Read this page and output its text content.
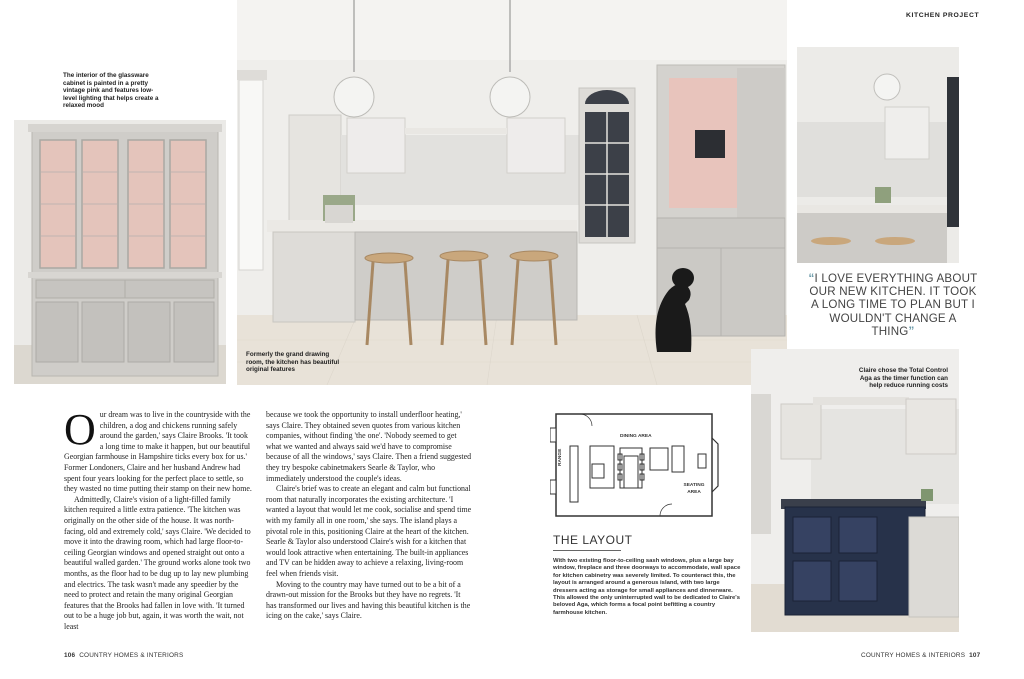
KITCHEN PROJECT
The interior of the glassware cabinet is painted in a pretty vintage pink and features low-level lighting that helps create a relaxed mood
Formerly the grand drawing room, the kitchen has beautiful original features
“I LOVE EVERYTHING ABOUT OUR NEW KITCHEN. IT TOOK A LONG TIME TO PLAN BUT I WOULDN'T CHANGE A THING”
Claire chose the Total Control Aga as the timer function can help reduce running costs
O ur dream was to live in the countryside with the children, a dog and chickens running safely around the garden,' says Claire Brooks. 'It took a long time to make it happen, but our beautiful Georgian farmhouse in Hampshire ticks every box for us.' Former Londoners, Claire and her husband Andrew had spent four years looking for the perfect place to settle, so they wasted no time putting their stamp on their new home.
Admittedly, Claire's vision of a light-filled family kitchen required a little extra patience. 'The kitchen was originally on the other side of the house. It was north-facing, old and extremely cold,' says Claire. 'We decided to move it into the drawing room, which had large floor-to-ceiling Georgian windows and opened straight out onto a beautiful walled garden.' The ground works alone took two months, as the floor had to be dug up to lay new plumbing and electrics. The task wasn't made any speedier by the need to protect and retain the many original Georgian features that the Brooks had fallen in love with. 'It turned out to be a huge job but, again, it was worth the wait, not least
because we took the opportunity to install underfloor heating,' says Claire. They obtained seven quotes from various kitchen companies, without finding 'the one'. 'Nobody seemed to get what we wanted and always said we'd have to compromise because of all the windows,' says Claire. Then a friend suggested they try bespoke cabinetmakers Searle & Taylor, who immediately understood the couple's ideas.
Claire's brief was to create an elegant and calm but functional room that naturally incorporates the existing architecture. 'I wanted a layout that would let me cook, socialise and spend time with my family all in one room,' she says. The island plays a pivotal role in this, positioning Claire at the heart of the kitchen. Searle & Taylor also understood Claire's wish for a kitchen that would look attractive when entertaining. The built-in appliances and TV can be hidden away to achieve a relaxing, living-room feel when friends visit.
Moving to the country may have turned out to be a bit of a drawn-out mission for the Brooks but they have no regrets. 'It has transformed our lives and having this beautiful kitchen is the icing on the cake,' says Claire.
DINING AREA
RANGE
SEATING AREA
THE LAYOUT
With two existing floor-to-ceiling sash windows, plus a large bay window, fireplace and three doorways to accommodate, wall space for kitchen cabinetry was severely limited. To counteract this, the layout is arranged around a generous island, with two large dressers acting as storage for small appliances and dinnerware. This allowed the only uninterrupted wall to be dedicated to Claire's beloved Aga, which forms a focal point befitting a country farmhouse kitchen.
106 COUNTRY HOMES & INTERIORS	COUNTRY HOMES & INTERIORS 107
